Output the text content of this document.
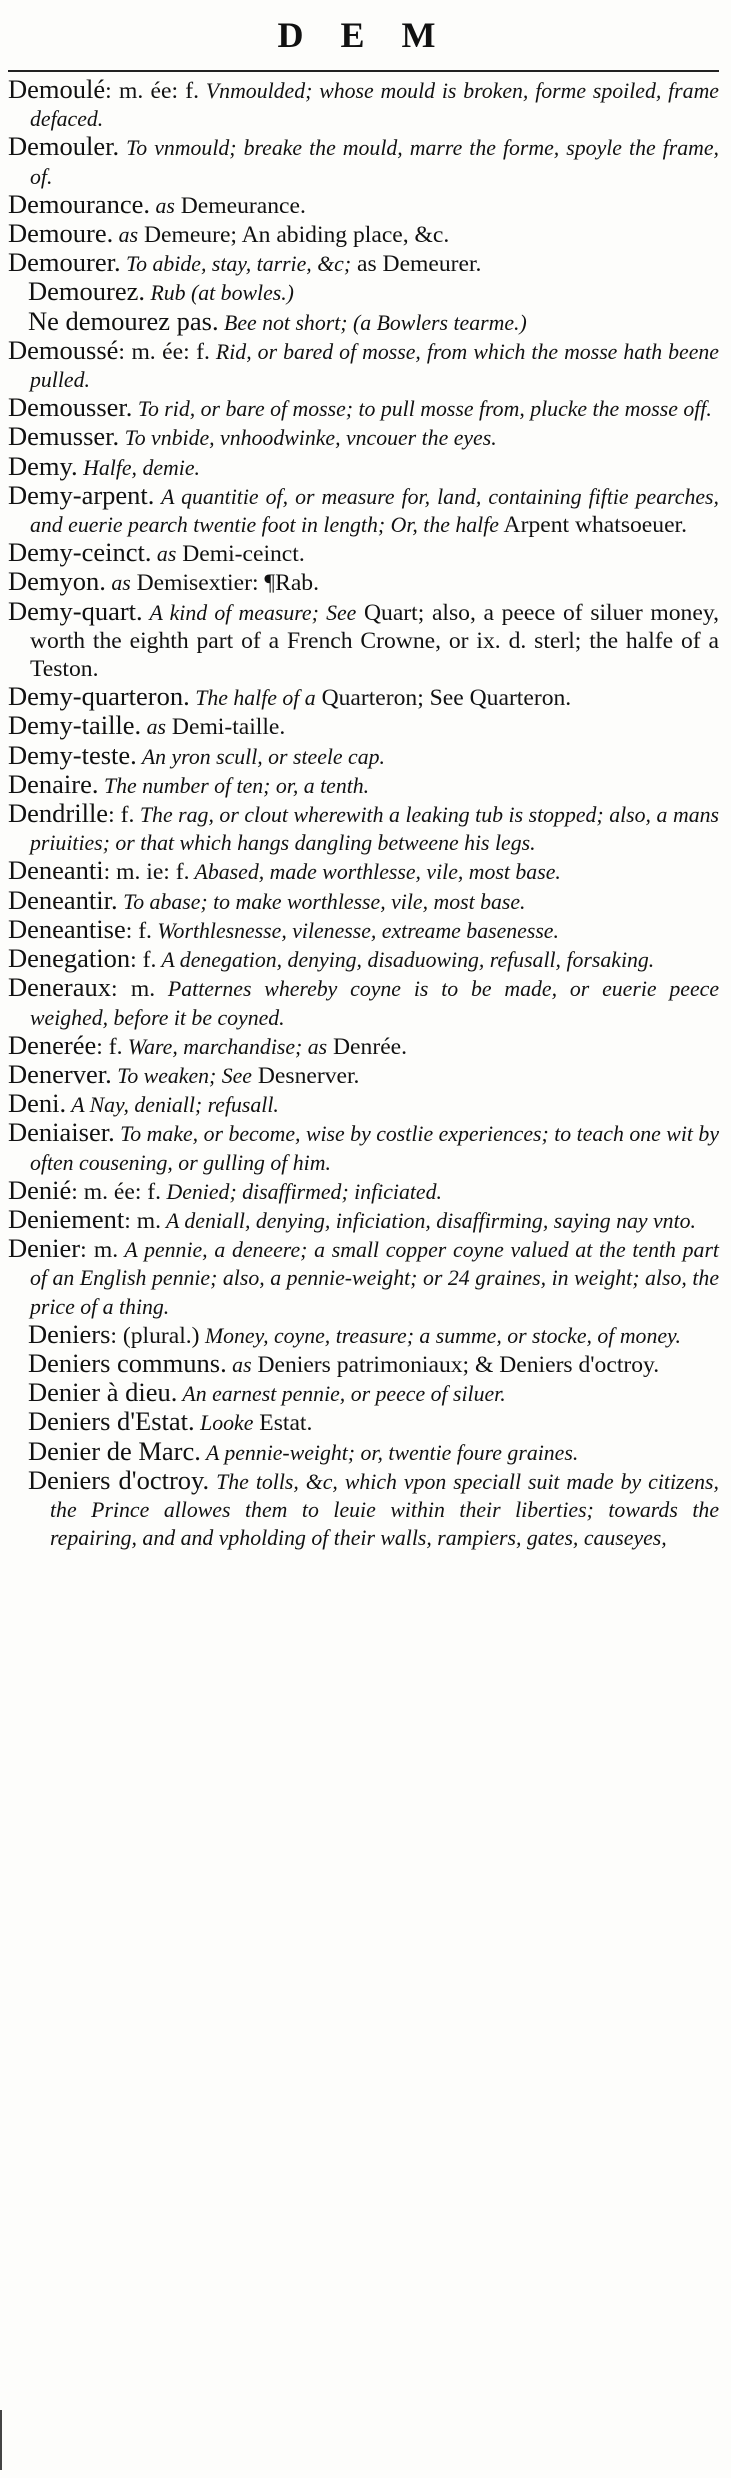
D E M

Demoulé: m. ée: f. Vnmoulded; whose mould is broken, forme spoiled, frame defaced.

Demouler. To vnmould; breake the mould, marre the forme, spoyle the frame, of.

Demourance. as Demeurance.

Demoure. as Demeure; An abiding place, &c.

Demourer. To abide, stay, tarrie, &c; as Demeurer.

Demourez. Rub (at bowles.)

Ne demourez pas. Bee not short; (a Bowlers tearme.)

Demoussé: m. ée: f. Rid, or bared of mosse, from which the mosse hath beene pulled.

Demousser. To rid, or bare of mosse; to pull mosse from, plucke the mosse off.

Demusser. To vnbide, vnhoodwinke, vncouer the eyes.

Demy. Halfe, demie.

Demy-arpent. A quantitie of, or measure for, land, containing fiftie pearches, and euerie pearch twentie foot in length; Or, the halfe Arpent whatsoeuer.

Demy-ceinct. as Demi-ceinct.

Demyon. as Demisextier: ¶Rab.

Demy-quart. A kind of measure; See Quart; also, a peece of siluer money, worth the eighth part of a French Crowne, or ix. d. sterl; the halfe of a Teston.

Demy-quarteron. The halfe of a Quarteron; See Quarteron.

Demy-taille. as Demi-taille.

Demy-teste. An yron scull, or steele cap.

Denaire. The number of ten; or, a tenth.

Dendrille: f. The rag, or clout wherewith a leaking tub is stopped; also, a mans priuities; or that which hangs dangling betweene his legs.

Deneanti: m. ie: f. Abased, made worthlesse, vile, most base.

Deneantir. To abase; to make worthlesse, vile, most base.

Deneantise: f. Worthlesnesse, vilenesse, extreame basenesse.

Denegation: f. A denegation, denying, disaduowing, refusall, forsaking.

Deneraux: m. Patternes whereby coyne is to be made, or euerie peece weighed, before it be coyned.

Denerée: f. Ware, marchandise; as Denrée.

Denerver. To weaken; See Desnerver.

Deni. A Nay, deniall; refusall.

Deniaiser. To make, or become, wise by costlie experiences; to teach one wit by often cousening, or gulling of him.

Denié: m. ée: f. Denied; disaffirmed; inficiated.

Deniement: m. A deniall, denying, inficiation, disaffirming, saying nay vnto.

Denier: m. A pennie, a deneere; a small copper coyne valued at the tenth part of an English pennie; also, a pennie-weight; or 24 graines, in weight; also, the price of a thing.

Deniers: (plural.) Money, coyne, treasure; a summe, or stocke, of money.

Deniers communs. as Deniers patrimoniaux; & Deniers d'octroy.

Denier à dieu. An earnest pennie, or peece of siluer.

Deniers d'Estat. Looke Estat.

Denier de Marc. A pennie-weight; or, twentie foure graines.

Deniers d'octroy. The tolls, &c, which vpon speciall suit made by citizens, the Prince allowes them to leuie within their liberties; towards the repairing, and and vpholding of their walls, rampiers, gates, causeyes,
